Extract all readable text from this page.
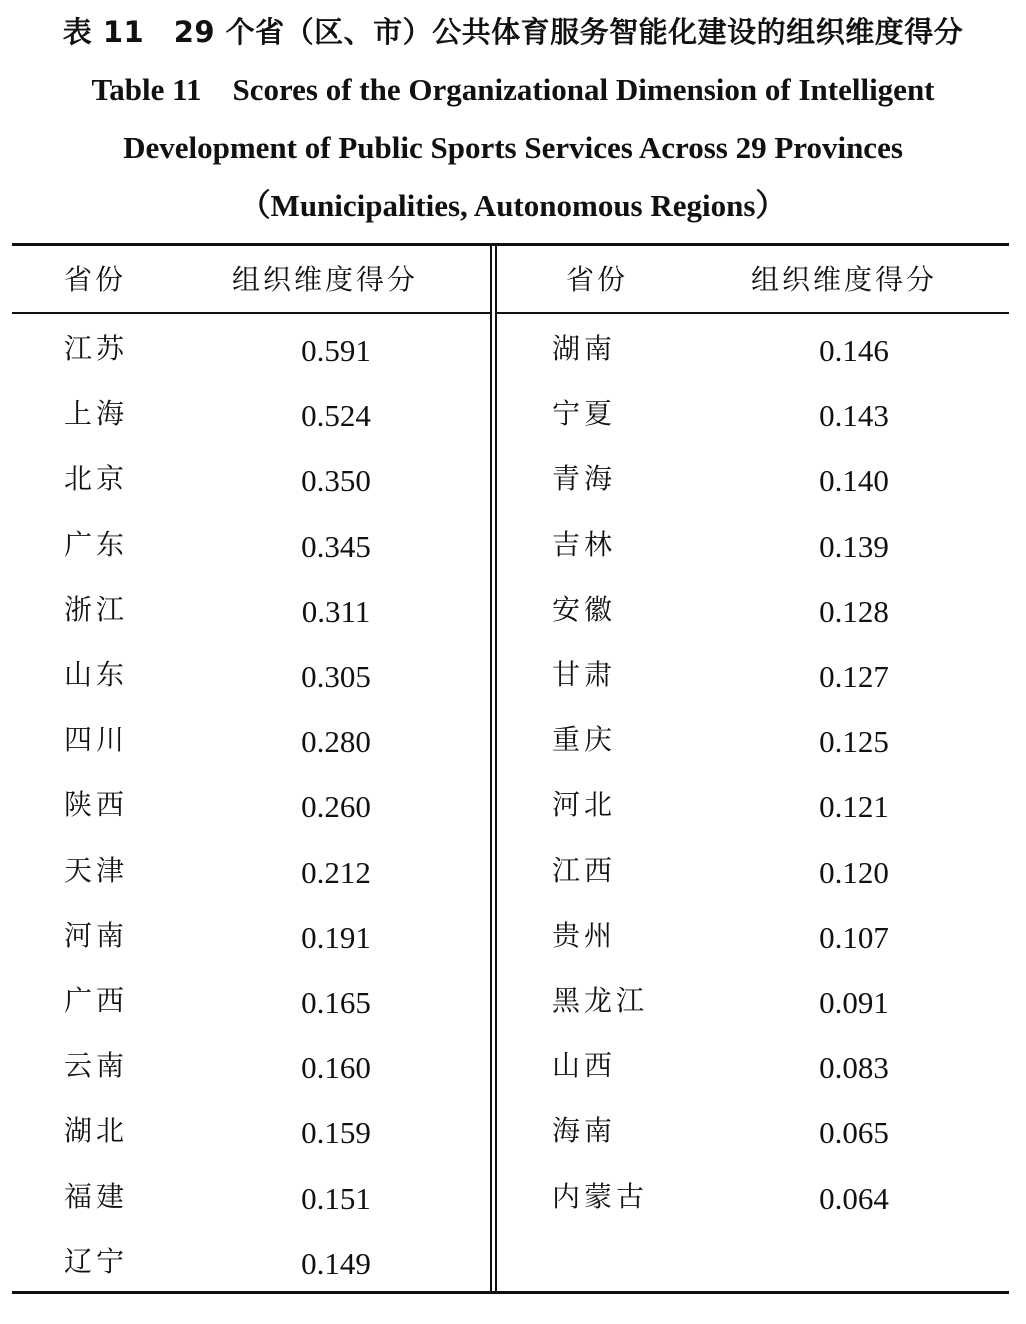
表 11　29 个省（区、市）公共体育服务智能化建设的组织维度得分
Table 11　Scores of the Organizational Dimension of Intelligent
Development of Public Sports Services Across 29 Provinces
（Municipalities, Autonomous Regions）
省份	组织维度得分	省份	组织维度得分
江苏	0.591
上海	0.524
北京	0.350
广东	0.345
浙江	0.311
山东	0.305
四川	0.280
陕西	0.260
天津	0.212
河南	0.191
广西	0.165
云南	0.160
湖北	0.159
福建	0.151
辽宁	0.149
湖南	0.146
宁夏	0.143
青海	0.140
吉林	0.139
安徽	0.128
甘肃	0.127
重庆	0.125
河北	0.121
江西	0.120
贵州	0.107
黑龙江	0.091
山西	0.083
海南	0.065
内蒙古	0.064
